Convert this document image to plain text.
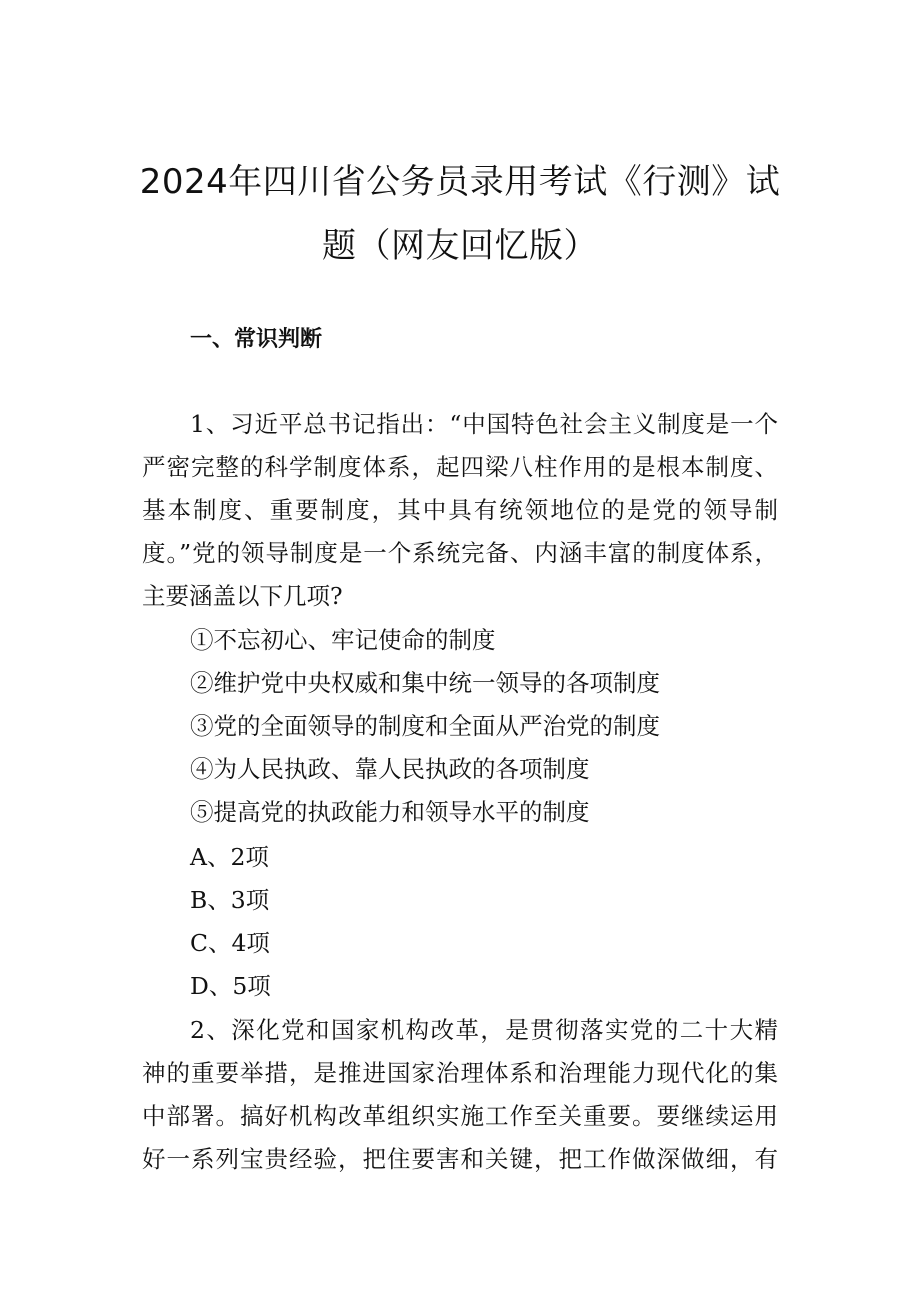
2024年四川省公务员录用考试《行测》试
题（网友回忆版）
一、常识判断
1、习近平总书记指出：“中国特色社会主义制度是一个
严密完整的科学制度体系，起四梁八柱作用的是根本制度、
基本制度、重要制度，其中具有统领地位的是党的领导制
度。”党的领导制度是一个系统完备、内涵丰富的制度体系，
主要涵盖以下几项?
①不忘初心、牢记使命的制度
②维护党中央权威和集中统一领导的各项制度
③党的全面领导的制度和全面从严治党的制度
④为人民执政、靠人民执政的各项制度
⑤提高党的执政能力和领导水平的制度
A、2项
B、3项
C、4项
D、5项
2、深化党和国家机构改革，是贯彻落实党的二十大精
神的重要举措，是推进国家治理体系和治理能力现代化的集
中部署。搞好机构改革组织实施工作至关重要。要继续运用
好一系列宝贵经验，把住要害和关键，把工作做深做细，有
